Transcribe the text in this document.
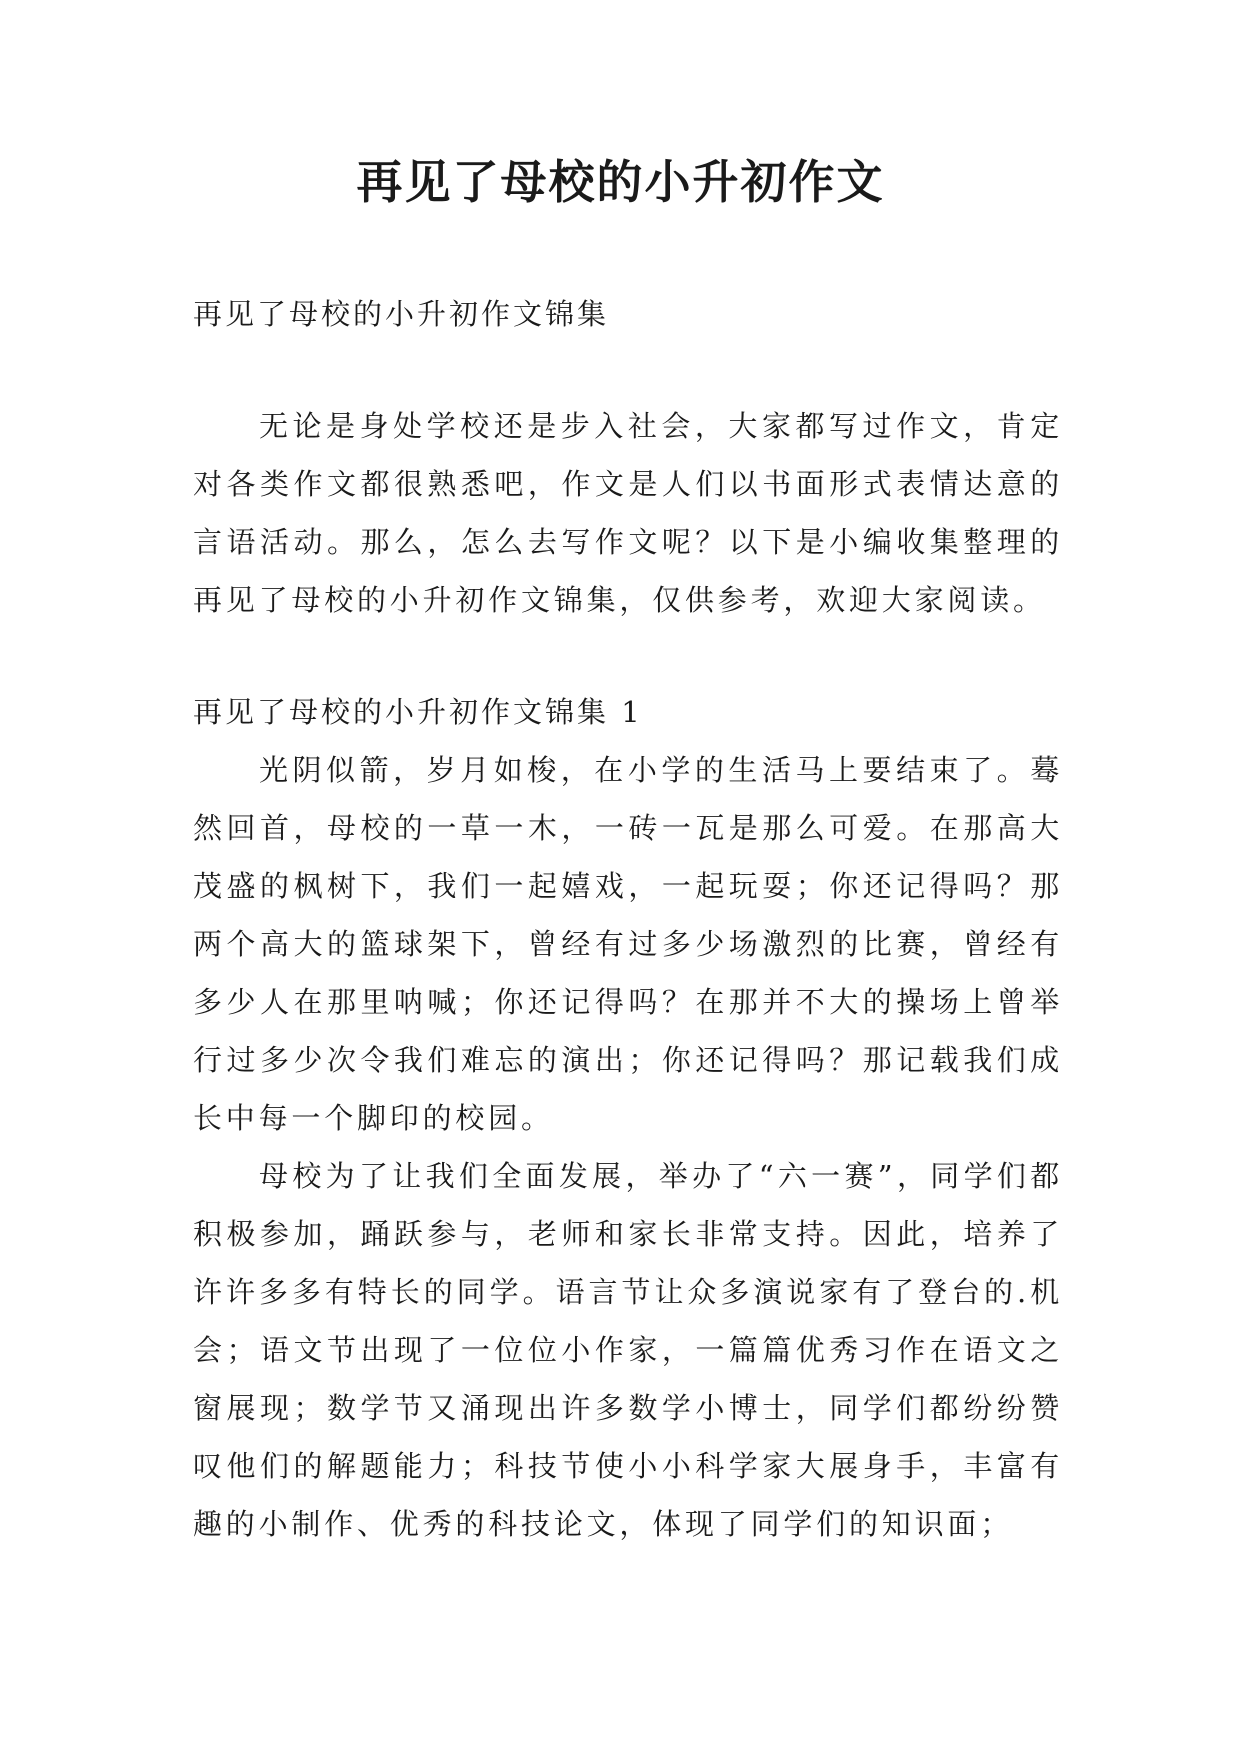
再见了母校的小升初作文

再见了母校的小升初作文锦集

无论是身处学校还是步入社会，大家都写过作文，肯定对各类作文都很熟悉吧，作文是人们以书面形式表情达意的言语活动。那么，怎么去写作文呢？以下是小编收集整理的再见了母校的小升初作文锦集，仅供参考，欢迎大家阅读。

再见了母校的小升初作文锦集 1

光阴似箭，岁月如梭，在小学的生活马上要结束了。蓦然回首，母校的一草一木，一砖一瓦是那么可爱。在那高大茂盛的枫树下，我们一起嬉戏，一起玩耍；你还记得吗？那两个高大的篮球架下，曾经有过多少场激烈的比赛，曾经有多少人在那里呐喊；你还记得吗？在那并不大的操场上曾举行过多少次令我们难忘的演出；你还记得吗？那记载我们成长中每一个脚印的校园。

母校为了让我们全面发展，举办了“六一赛”，同学们都积极参加，踊跃参与，老师和家长非常支持。因此，培养了许许多多有特长的同学。语言节让众多演说家有了登台的.机会；语文节出现了一位位小作家，一篇篇优秀习作在语文之窗展现；数学节又涌现出许多数学小博士，同学们都纷纷赞叹他们的解题能力；科技节使小小科学家大展身手，丰富有趣的小制作、优秀的科技论文，体现了同学们的知识面；
